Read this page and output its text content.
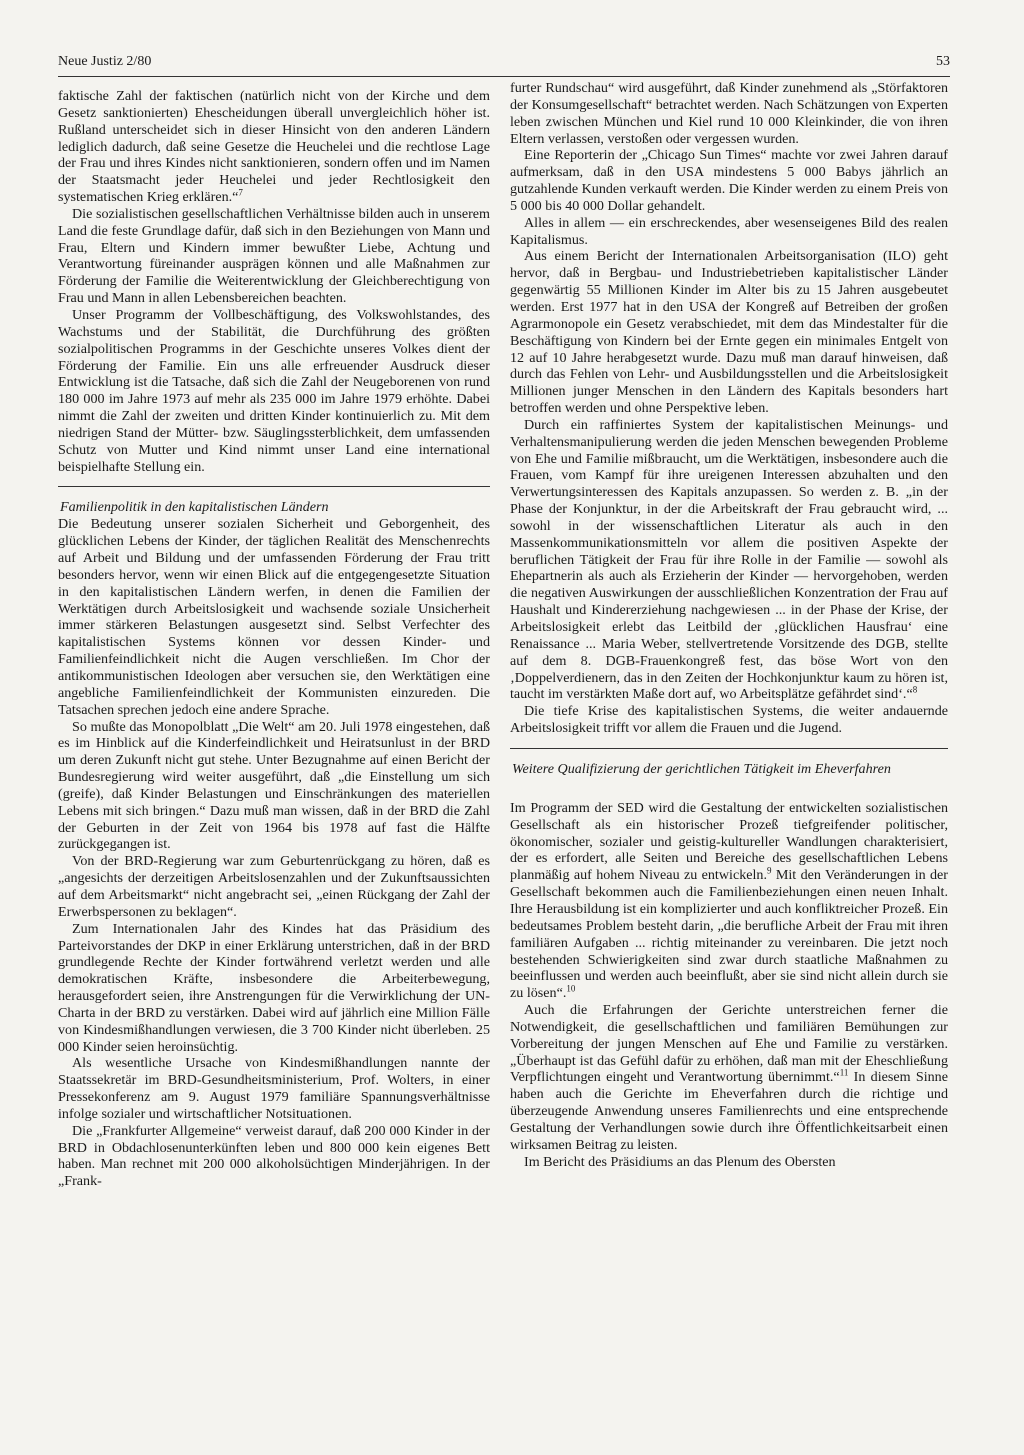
Neue Justiz 2/80	53

faktische Zahl der faktischen (natürlich nicht von der Kirche und dem Gesetz sanktionierten) Ehescheidungen überall unvergleichlich höher ist. Rußland unterscheidet sich in dieser Hinsicht von den anderen Ländern lediglich dadurch, daß seine Gesetze die Heuchelei und die rechtlose Lage der Frau und ihres Kindes nicht sanktionieren, sondern offen und im Namen der Staatsmacht jeder Heuchelei und jeder Rechtlosigkeit den systematischen Krieg erklären.“$^7$

Die sozialistischen gesellschaftlichen Verhältnisse bilden auch in unserem Land die feste Grundlage dafür, daß sich in den Beziehungen von Mann und Frau, Eltern und Kindern immer bewußter Liebe, Achtung und Verantwortung füreinander ausprägen können und alle Maßnahmen zur Förderung der Familie die Weiterentwicklung der Gleichberechtigung von Frau und Mann in allen Lebensbereichen beachten.

Unser Programm der Vollbeschäftigung, des Volkswohlstandes, des Wachstums und der Stabilität, die Durchführung des größten sozialpolitischen Programms in der Geschichte unseres Volkes dient der Förderung der Familie. Ein uns alle erfreuender Ausdruck dieser Entwicklung ist die Tatsache, daß sich die Zahl der Neugeborenen von rund 180 000 im Jahre 1973 auf mehr als 235 000 im Jahre 1979 erhöhte. Dabei nimmt die Zahl der zweiten und dritten Kinder kontinuierlich zu. Mit dem niedrigen Stand der Mütter- bzw. Säuglingssterblichkeit, dem umfassenden Schutz von Mutter und Kind nimmt unser Land eine international beispielhafte Stellung ein.

Familienpolitik in den kapitalistischen Ländern

Die Bedeutung unserer sozialen Sicherheit und Geborgenheit, des glücklichen Lebens der Kinder, der täglichen Realität des Menschenrechts auf Arbeit und Bildung und der umfassenden Förderung der Frau tritt besonders hervor, wenn wir einen Blick auf die entgegengesetzte Situation in den kapitalistischen Ländern werfen, in denen die Familien der Werktätigen durch Arbeitslosigkeit und wachsende soziale Unsicherheit immer stärkeren Belastungen ausgesetzt sind. Selbst Verfechter des kapitalistischen Systems können vor dessen Kinder- und Familienfeindlichkeit nicht die Augen verschließen. Im Chor der antikommunistischen Ideologen aber versuchen sie, den Werktätigen eine angebliche Familienfeindlichkeit der Kommunisten einzureden. Die Tatsachen sprechen jedoch eine andere Sprache.

So mußte das Monopolblatt „Die Welt“ am 20. Juli 1978 eingestehen, daß es im Hinblick auf die Kinderfeindlichkeit und Heiratsunlust in der BRD um deren Zukunft nicht gut stehe. Unter Bezugnahme auf einen Bericht der Bundesregierung wird weiter ausgeführt, daß „die Einstellung um sich (greife), daß Kinder Belastungen und Einschränkungen des materiellen Lebens mit sich bringen.“ Dazu muß man wissen, daß in der BRD die Zahl der Geburten in der Zeit von 1964 bis 1978 auf fast die Hälfte zurückgegangen ist.

Von der BRD-Regierung war zum Geburtenrückgang zu hören, daß es „angesichts der derzeitigen Arbeitslosenzahlen und der Zukunftsaussichten auf dem Arbeitsmarkt“ nicht angebracht sei, „einen Rückgang der Zahl der Erwerbspersonen zu beklagen“.

Zum Internationalen Jahr des Kindes hat das Präsidium des Parteivorstandes der DKP in einer Erklärung unterstrichen, daß in der BRD grundlegende Rechte der Kinder fortwährend verletzt werden und alle demokratischen Kräfte, insbesondere die Arbeiterbewegung, herausgefordert seien, ihre Anstrengungen für die Verwirklichung der UN-Charta in der BRD zu verstärken. Dabei wird auf jährlich eine Million Fälle von Kindesmißhandlungen verwiesen, die 3 700 Kinder nicht überleben. 25 000 Kinder seien heroinsüchtig.

Als wesentliche Ursache von Kindesmißhandlungen nannte der Staatssekretär im BRD-Gesundheitsministerium, Prof. Wolters, in einer Pressekonferenz am 9. August 1979 familiäre Spannungsverhältnisse infolge sozialer und wirtschaftlicher Notsituationen.

Die „Frankfurter Allgemeine“ verweist darauf, daß 200 000 Kinder in der BRD in Obdachlosenunterkünften leben und 800 000 kein eigenes Bett haben. Man rechnet mit 200 000 alkoholsüchtigen Minderjährigen. In der „Frank-

furter Rundschau“ wird ausgeführt, daß Kinder zunehmend als „Störfaktoren der Konsumgesellschaft“ betrachtet werden. Nach Schätzungen von Experten leben zwischen München und Kiel rund 10 000 Kleinkinder, die von ihren Eltern verlassen, verstoßen oder vergessen wurden.

Eine Reporterin der „Chicago Sun Times“ machte vor zwei Jahren darauf aufmerksam, daß in den USA mindestens 5 000 Babys jährlich an gutzahlende Kunden verkauft werden. Die Kinder werden zu einem Preis von 5 000 bis 40 000 Dollar gehandelt.

Alles in allem — ein erschreckendes, aber wesenseigenes Bild des realen Kapitalismus.

Aus einem Bericht der Internationalen Arbeitsorganisation (ILO) geht hervor, daß in Bergbau- und Industriebetrieben kapitalistischer Länder gegenwärtig 55 Millionen Kinder im Alter bis zu 15 Jahren ausgebeutet werden. Erst 1977 hat in den USA der Kongreß auf Betreiben der großen Agrarmonopole ein Gesetz verabschiedet, mit dem das Mindestalter für die Beschäftigung von Kindern bei der Ernte gegen ein minimales Entgelt von 12 auf 10 Jahre herabgesetzt wurde. Dazu muß man darauf hinweisen, daß durch das Fehlen von Lehr- und Ausbildungsstellen und die Arbeitslosigkeit Millionen junger Menschen in den Ländern des Kapitals besonders hart betroffen werden und ohne Perspektive leben.

Durch ein raffiniertes System der kapitalistischen Meinungs- und Verhaltensmanipulierung werden die jeden Menschen bewegenden Probleme von Ehe und Familie mißbraucht, um die Werktätigen, insbesondere auch die Frauen, vom Kampf für ihre ureigenen Interessen abzuhalten und den Verwertungsinteressen des Kapitals anzupassen. So werden z. B. „in der Phase der Konjunktur, in der die Arbeitskraft der Frau gebraucht wird, ... sowohl in der wissenschaftlichen Literatur als auch in den Massenkommunikationsmitteln vor allem die positiven Aspekte der beruflichen Tätigkeit der Frau für ihre Rolle in der Familie — sowohl als Ehepartnerin als auch als Erzieherin der Kinder — hervorgehoben, werden die negativen Auswirkungen der ausschließlichen Konzentration der Frau auf Haushalt und Kindererziehung nachgewiesen ... in der Phase der Krise, der Arbeitslosigkeit erlebt das Leitbild der ‚glücklichen Hausfrau‘ eine Renaissance ... Maria Weber, stellvertretende Vorsitzende des DGB, stellte auf dem 8. DGB-Frauenkongreß fest, das böse Wort von den ‚Doppelverdienern, das in den Zeiten der Hochkonjunktur kaum zu hören ist, taucht im verstärkten Maße dort auf, wo Arbeitsplätze gefährdet sind‘.“$^8$

Die tiefe Krise des kapitalistischen Systems, die weiter andauernde Arbeitslosigkeit trifft vor allem die Frauen und die Jugend.

Weitere Qualifizierung der gerichtlichen Tätigkeit im Eheverfahren

Im Programm der SED wird die Gestaltung der entwickelten sozialistischen Gesellschaft als ein historischer Prozeß tiefgreifender politischer, ökonomischer, sozialer und geistig-kultureller Wandlungen charakterisiert, der es erfordert, alle Seiten und Bereiche des gesellschaftlichen Lebens planmäßig auf hohem Niveau zu entwickeln.$^9$ Mit den Veränderungen in der Gesellschaft bekommen auch die Familienbeziehungen einen neuen Inhalt. Ihre Herausbildung ist ein komplizierter und auch konfliktreicher Prozeß. Ein bedeutsames Problem besteht darin, „die berufliche Arbeit der Frau mit ihren familiären Aufgaben ... richtig miteinander zu vereinbaren. Die jetzt noch bestehenden Schwierigkeiten sind zwar durch staatliche Maßnahmen zu beeinflussen und werden auch beeinflußt, aber sie sind nicht allein durch sie zu lösen“.$^{10}$

Auch die Erfahrungen der Gerichte unterstreichen ferner die Notwendigkeit, die gesellschaftlichen und familiären Bemühungen zur Vorbereitung der jungen Menschen auf Ehe und Familie zu verstärken. „Überhaupt ist das Gefühl dafür zu erhöhen, daß man mit der Eheschließung Verpflichtungen eingeht und Verantwortung übernimmt.“$^{11}$ In diesem Sinne haben auch die Gerichte im Eheverfahren durch die richtige und überzeugende Anwendung unseres Familienrechts und eine entsprechende Gestaltung der Verhandlungen sowie durch ihre Öffentlichkeitsarbeit einen wirksamen Beitrag zu leisten.

Im Bericht des Präsidiums an das Plenum des Obersten
